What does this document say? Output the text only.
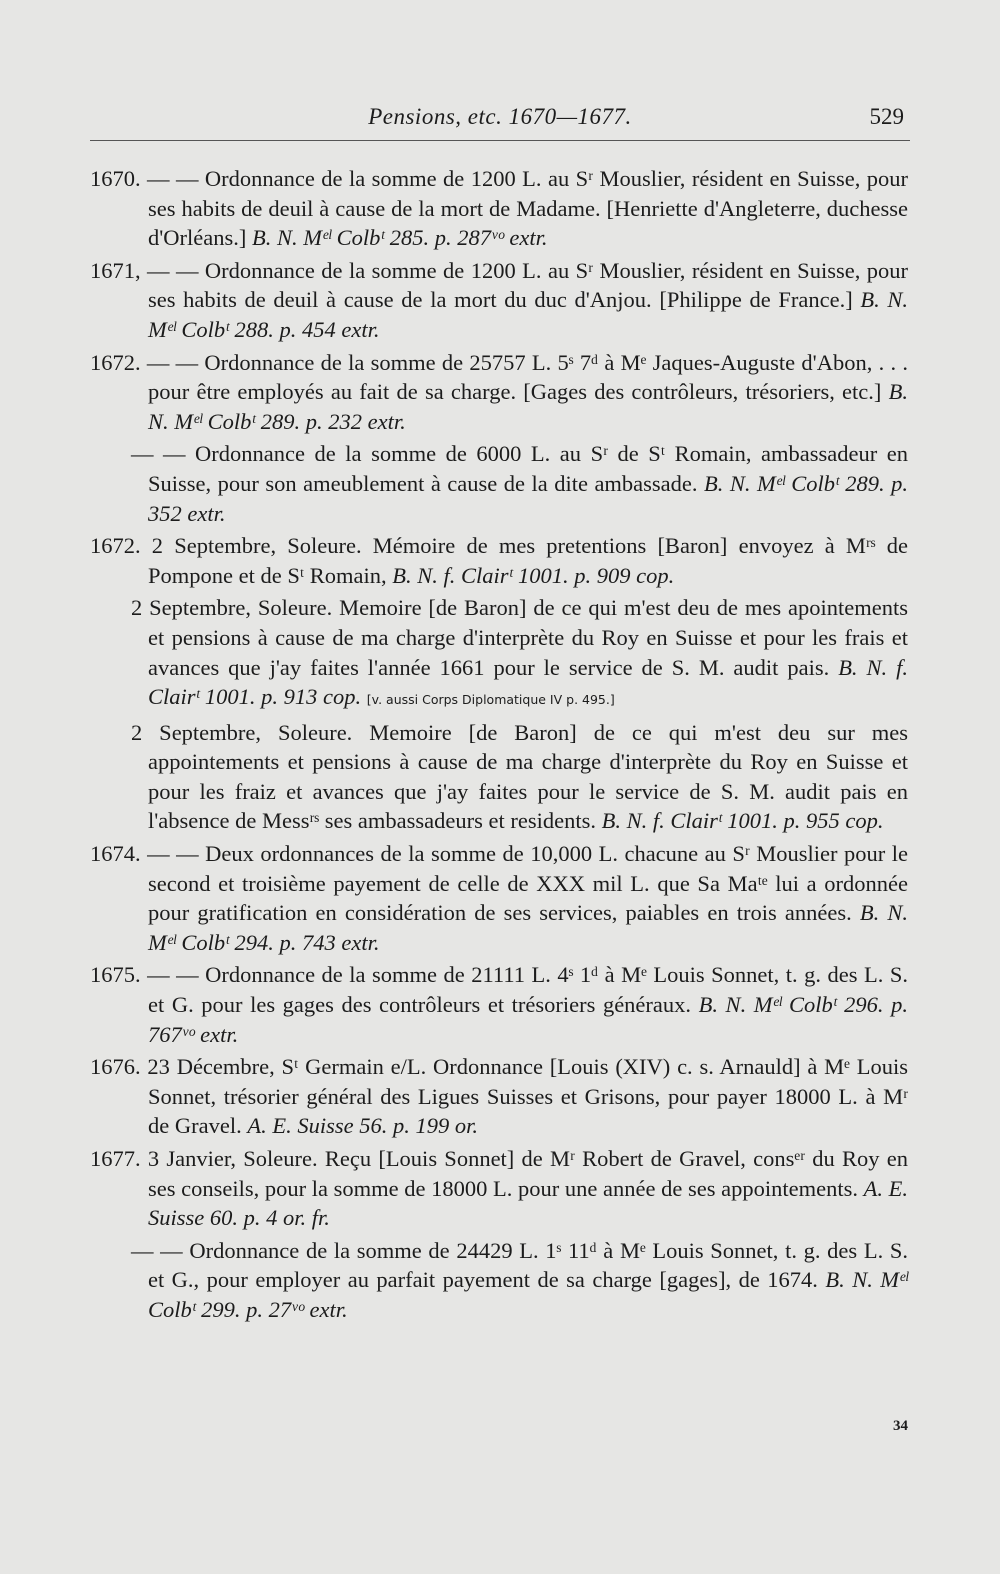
Pensions, etc. 1670—1677.	529

1670. — — Ordonnance de la somme de 1200 L. au Sʳ Mouslier, résident en Suisse, pour ses habits de deuil à cause de la mort de Madame. [Henriette d'Angleterre, duchesse d'Orléans.] B. N. Mᵉˡ Colbᵗ 285. p. 287ᵛᵒ extr.

1671, — — Ordonnance de la somme de 1200 L. au Sʳ Mouslier, résident en Suisse, pour ses habits de deuil à cause de la mort du duc d'Anjou. [Philippe de France.] B. N. Mᵉˡ Colbᵗ 288. p. 454 extr.

1672. — — Ordonnance de la somme de 25757 L. 5ˢ 7ᵈ à Mᵉ Jaques-Auguste d'Abon, . . . pour être employés au fait de sa charge. [Gages des contrôleurs, trésoriers, etc.] B. N. Mᵉˡ Colbᵗ 289. p. 232 extr.

— — Ordonnance de la somme de 6000 L. au Sʳ de Sᵗ Romain, ambassadeur en Suisse, pour son ameublement à cause de la dite ambassade. B. N. Mᵉˡ Colbᵗ 289. p. 352 extr.

1672. 2 Septembre, Soleure. Mémoire de mes pretentions [Baron] envoyez à Mʳˢ de Pompone et de Sᵗ Romain, B. N. f. Clairᵗ 1001. p. 909 cop.

2 Septembre, Soleure. Memoire [de Baron] de ce qui m'est deu de mes apointements et pensions à cause de ma charge d'interprète du Roy en Suisse et pour les frais et avances que j'ay faites l'année 1661 pour le service de S. M. audit pais. B. N. f. Clairᵗ 1001. p. 913 cop. [v. aussi Corps Diplomatique IV p. 495.]

2 Septembre, Soleure. Memoire [de Baron] de ce qui m'est deu sur mes appointements et pensions à cause de ma charge d'interprète du Roy en Suisse et pour les fraiz et avances que j'ay faites pour le service de S. M. audit pais en l'absence de Messʳˢ ses ambassadeurs et residents. B. N. f. Clairᵗ 1001. p. 955 cop.

1674. — — Deux ordonnances de la somme de 10,000 L. chacune au Sʳ Mouslier pour le second et troisième payement de celle de XXX mil L. que Sa Maᵗᵉ lui a ordonnée pour gratification en considération de ses services, paiables en trois années. B. N. Mᵉˡ Colbᵗ 294. p. 743 extr.

1675. — — Ordonnance de la somme de 21111 L. 4ˢ 1ᵈ à Mᵉ Louis Sonnet, t. g. des L. S. et G. pour les gages des contrôleurs et trésoriers généraux. B. N. Mᵉˡ Colbᵗ 296. p. 767ᵛᵒ extr.

1676. 23 Décembre, Sᵗ Germain e/L. Ordonnance [Louis (XIV) c. s. Arnauld] à Mᵉ Louis Sonnet, trésorier général des Ligues Suisses et Grisons, pour payer 18000 L. à Mʳ de Gravel. A. E. Suisse 56. p. 199 or.

1677. 3 Janvier, Soleure. Reçu [Louis Sonnet] de Mʳ Robert de Gravel, consᵉʳ du Roy en ses conseils, pour la somme de 18000 L. pour une année de ses appointements. A. E. Suisse 60. p. 4 or. fr.

— — Ordonnance de la somme de 24429 L. 1ˢ 11ᵈ à Mᵉ Louis Sonnet, t. g. des L. S. et G., pour employer au parfait payement de sa charge [gages], de 1674. B. N. Mᵉˡ Colbᵗ 299. p. 27ᵛᵒ extr.

34
